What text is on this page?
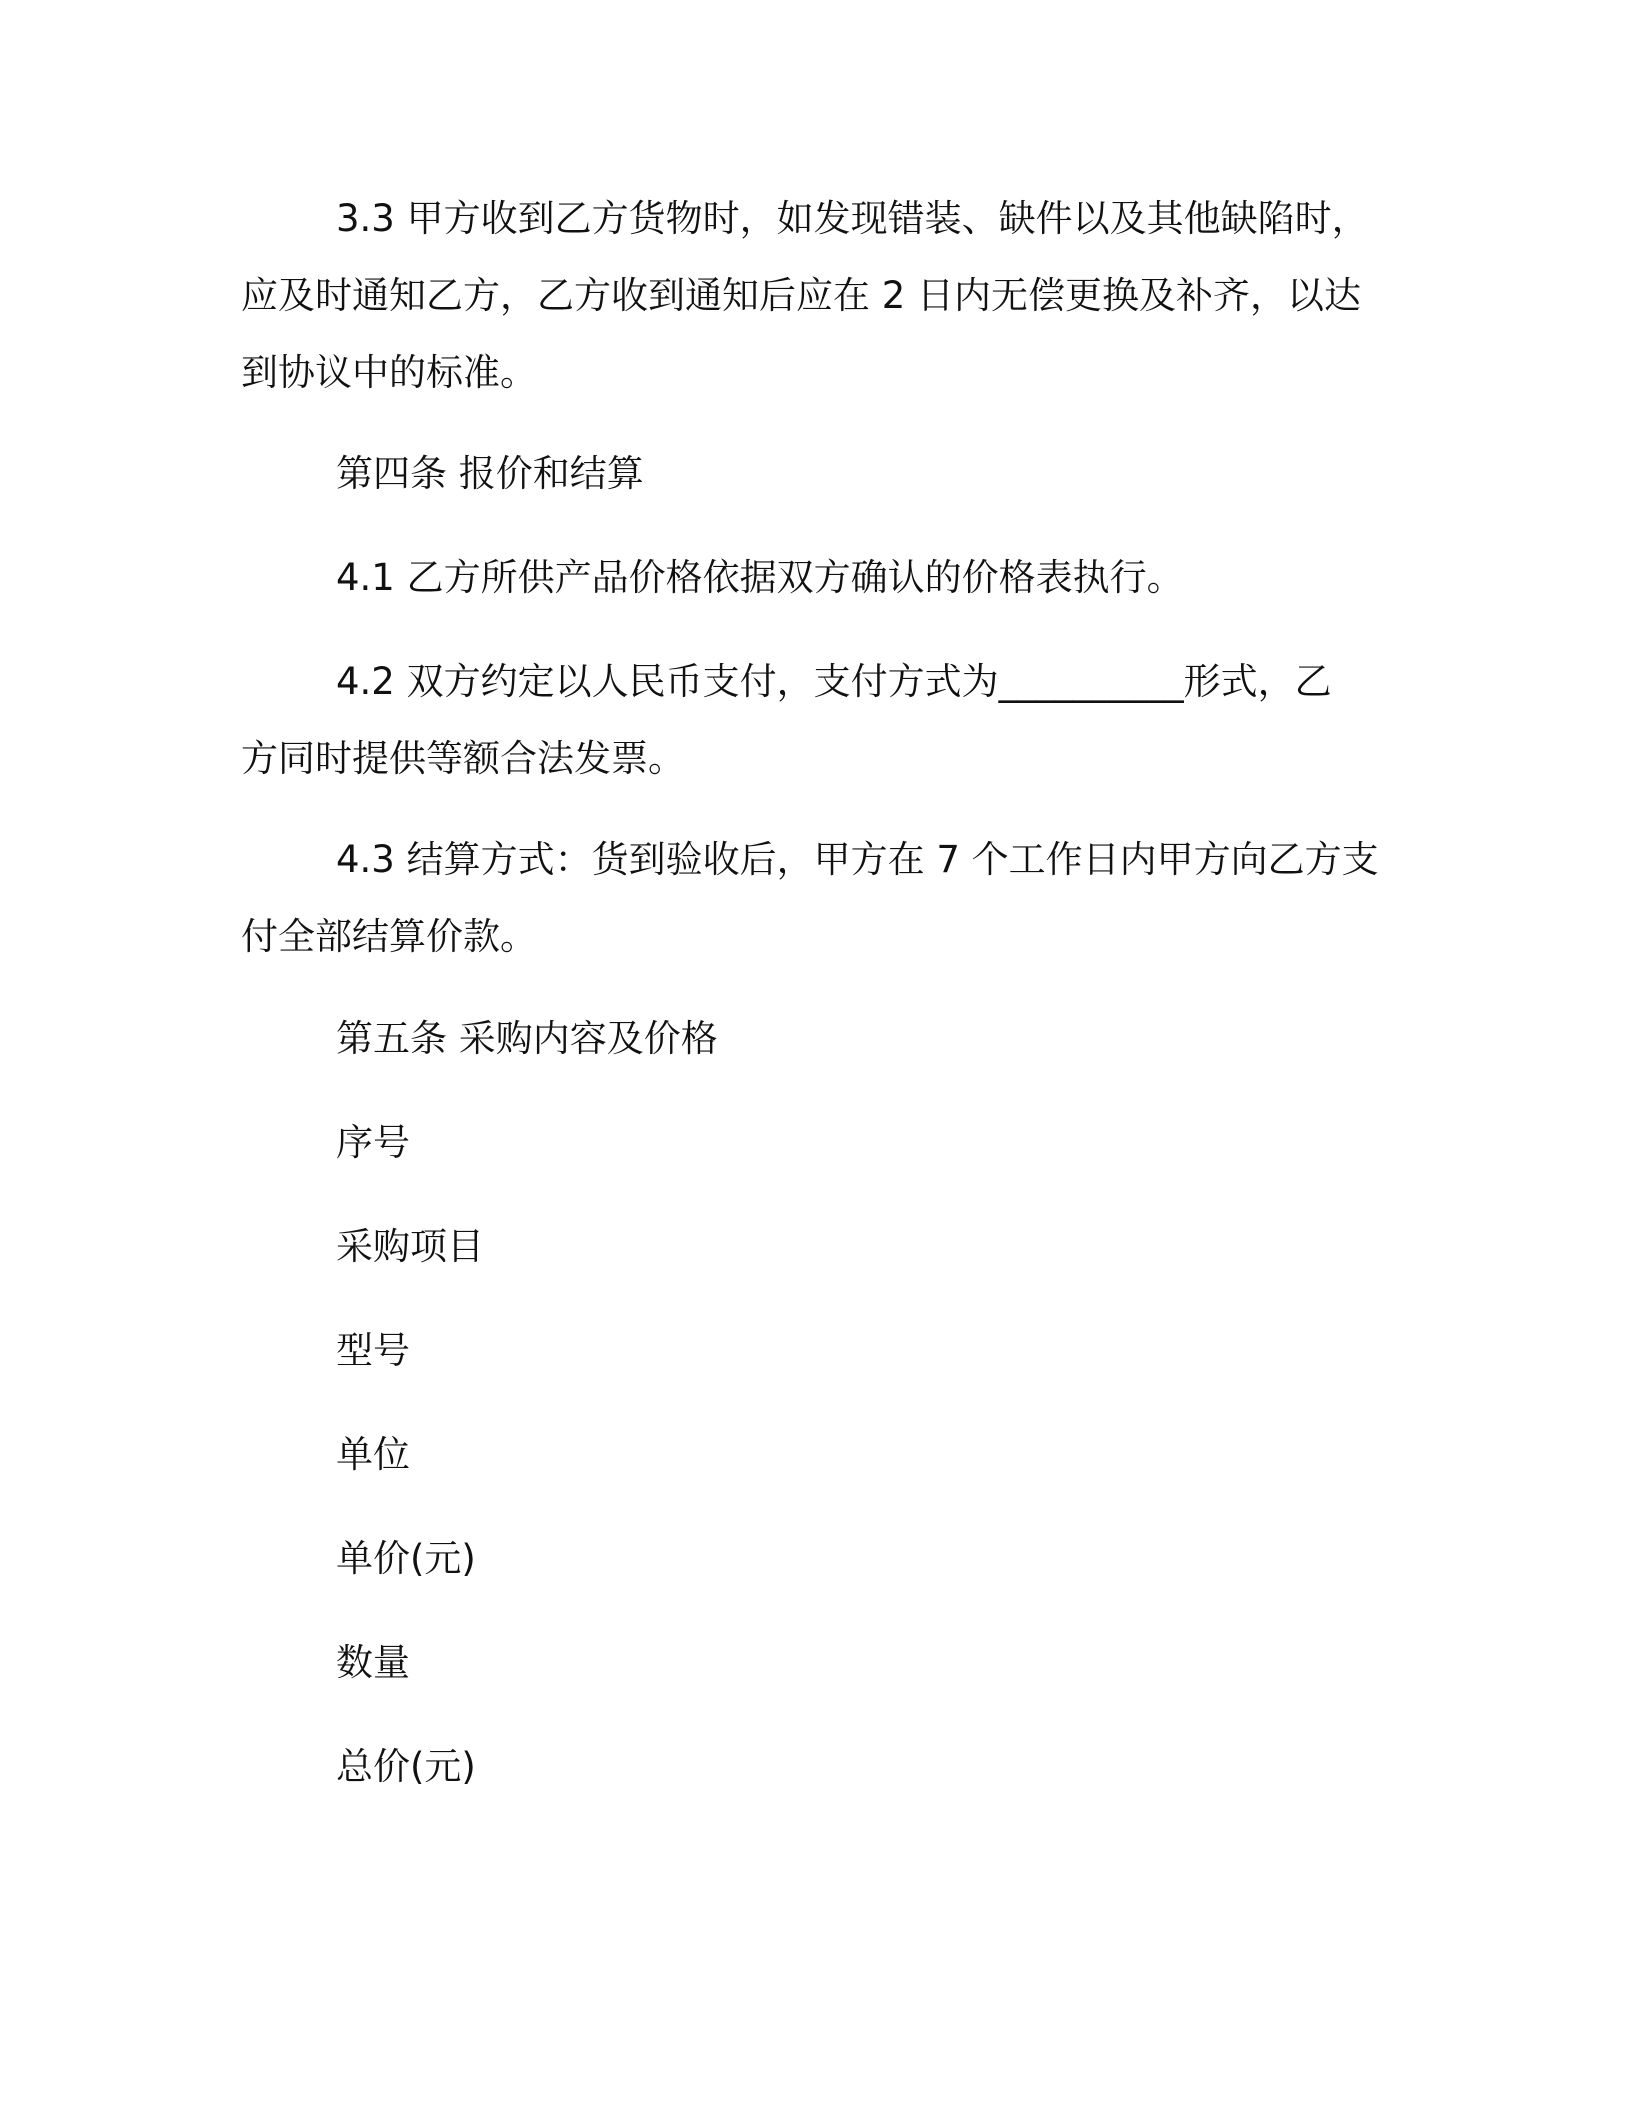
3.3 甲方收到乙方货物时，如发现错装、缺件以及其他缺陷时，
应及时通知乙方，乙方收到通知后应在 2 日内无偿更换及补齐，以达
到协议中的标准。
第四条 报价和结算
4.1 乙方所供产品价格依据双方确认的价格表执行。
4.2 双方约定以人民币支付，支付方式为__________形式，乙
方同时提供等额合法发票。
4.3 结算方式：货到验收后，甲方在 7 个工作日内甲方向乙方支
付全部结算价款。
第五条 采购内容及价格
序号
采购项目
型号
单位
单价(元)
数量
总价(元)
